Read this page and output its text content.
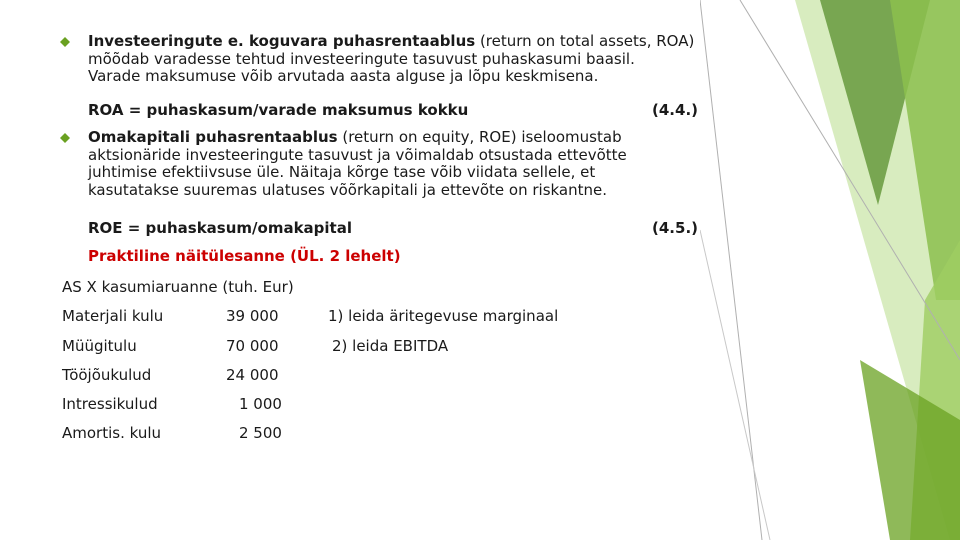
Investeeringute e. koguvara puhasrentaablus (return on total assets, ROA)
mõõdab varadesse tehtud investeeringute tasuvust puhaskasumi baasil.
Varade maksumuse võib arvutada aasta alguse ja lõpu keskmisena.
ROA = puhaskasum/varade maksumus kokku	(4.4.)
Omakapitali puhasrentaablus (return on equity, ROE) iseloomustab
aktsionäride investeeringute tasuvust ja võimaldab otsustada ettevõtte
juhtimise efektiivsuse üle. Näitaja kõrge tase võib viidata sellele, et
kasutatakse suuremas ulatuses võõrkapitali ja ettevõte on riskantne.
ROE = puhaskasum/omakapital	(4.5.)
Praktiline näitülesanne (ÜL. 2 lehelt)
AS X kasumiaruanne (tuh. Eur)
Materjali kulu	39 000	1) leida äritegevuse marginaal
Müügitulu	70 000	2) leida EBITDA
Tööjõukulud	24 000
Intressikulud	1 000
Amortis. kulu	2 500
